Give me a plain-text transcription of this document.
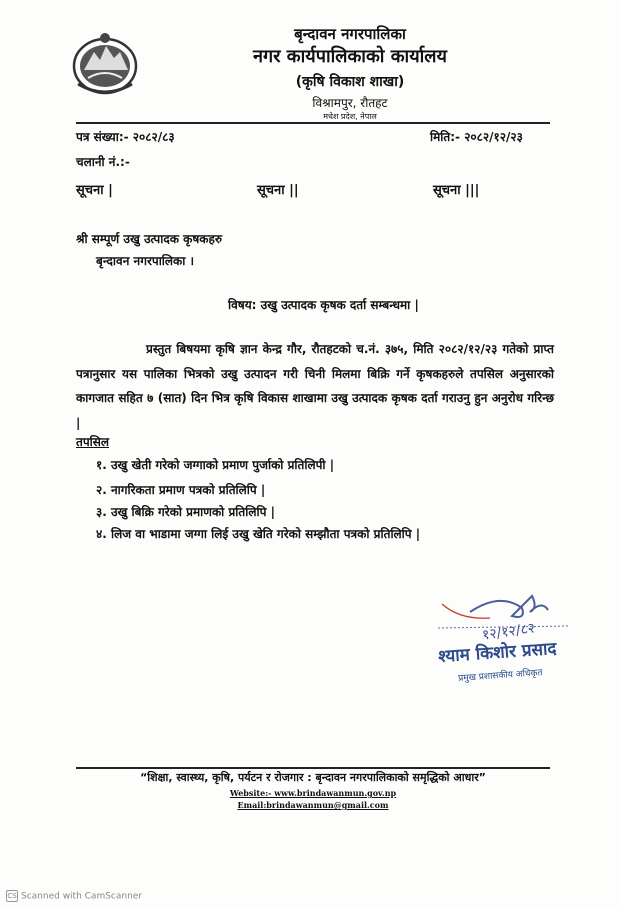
बृन्दावन नगरपालिका
नगर कार्यपालिकाको कार्यालय
(कृषि विकाश शाखा)
विश्रामपुर, रौतहट
मधेश प्रदेश, नेपाल
पत्र संख्या:- २०८२/८३	मिति:- २०८२/१२/२३
चलानी नं.:-
सूचना |	सूचना ||	सूचना |||
श्री सम्पूर्ण उखु उत्पादक कृषकहरु
बृन्दावन नगरपालिका ।
विषय: उखु उत्पादक कृषक दर्ता सम्बन्धमा |
प्रस्तुत बिषयमा कृषि ज्ञान केन्द्र गौर, रौतहटको च.नं. ३७५, मिति २०८२/१२/२३ गतेको प्राप्त पत्रानुसार यस पालिका भित्रको उखु उत्पादन गरी चिनी मिलमा बिक्रि गर्ने कृषकहरुले तपसिल अनुसारको कागजात सहित ७ (सात) दिन भित्र कृषि विकास शाखामा उखु उत्पादक कृषक दर्ता गराउनु हुन अनुरोध गरिन्छ |
तपसिल
१. उखु खेती गरेको जग्गाको प्रमाण पुर्जाको प्रतिलिपी |
२. नागरिकता प्रमाण पत्रको प्रतिलिपि |
३. उखु बिक्रि गरेको प्रमाणको प्रतिलिपि |
४. लिज वा भाडामा जग्गा लिई उखु खेति गरेको सम्झौता पत्रको प्रतिलिपि |
१२/१२/८२
श्याम किशोर प्रसाद
प्रमुख प्रशासकीय अधिकृत
“शिक्षा, स्वास्थ्य, कृषि, पर्यटन र रोजगार : बृन्दावन नगरपालिकाको समृद्धिको आधार”
Website:- www.brindawanmun.gov.np
Email:brindawanmun@gmail.com
CS Scanned with CamScanner
